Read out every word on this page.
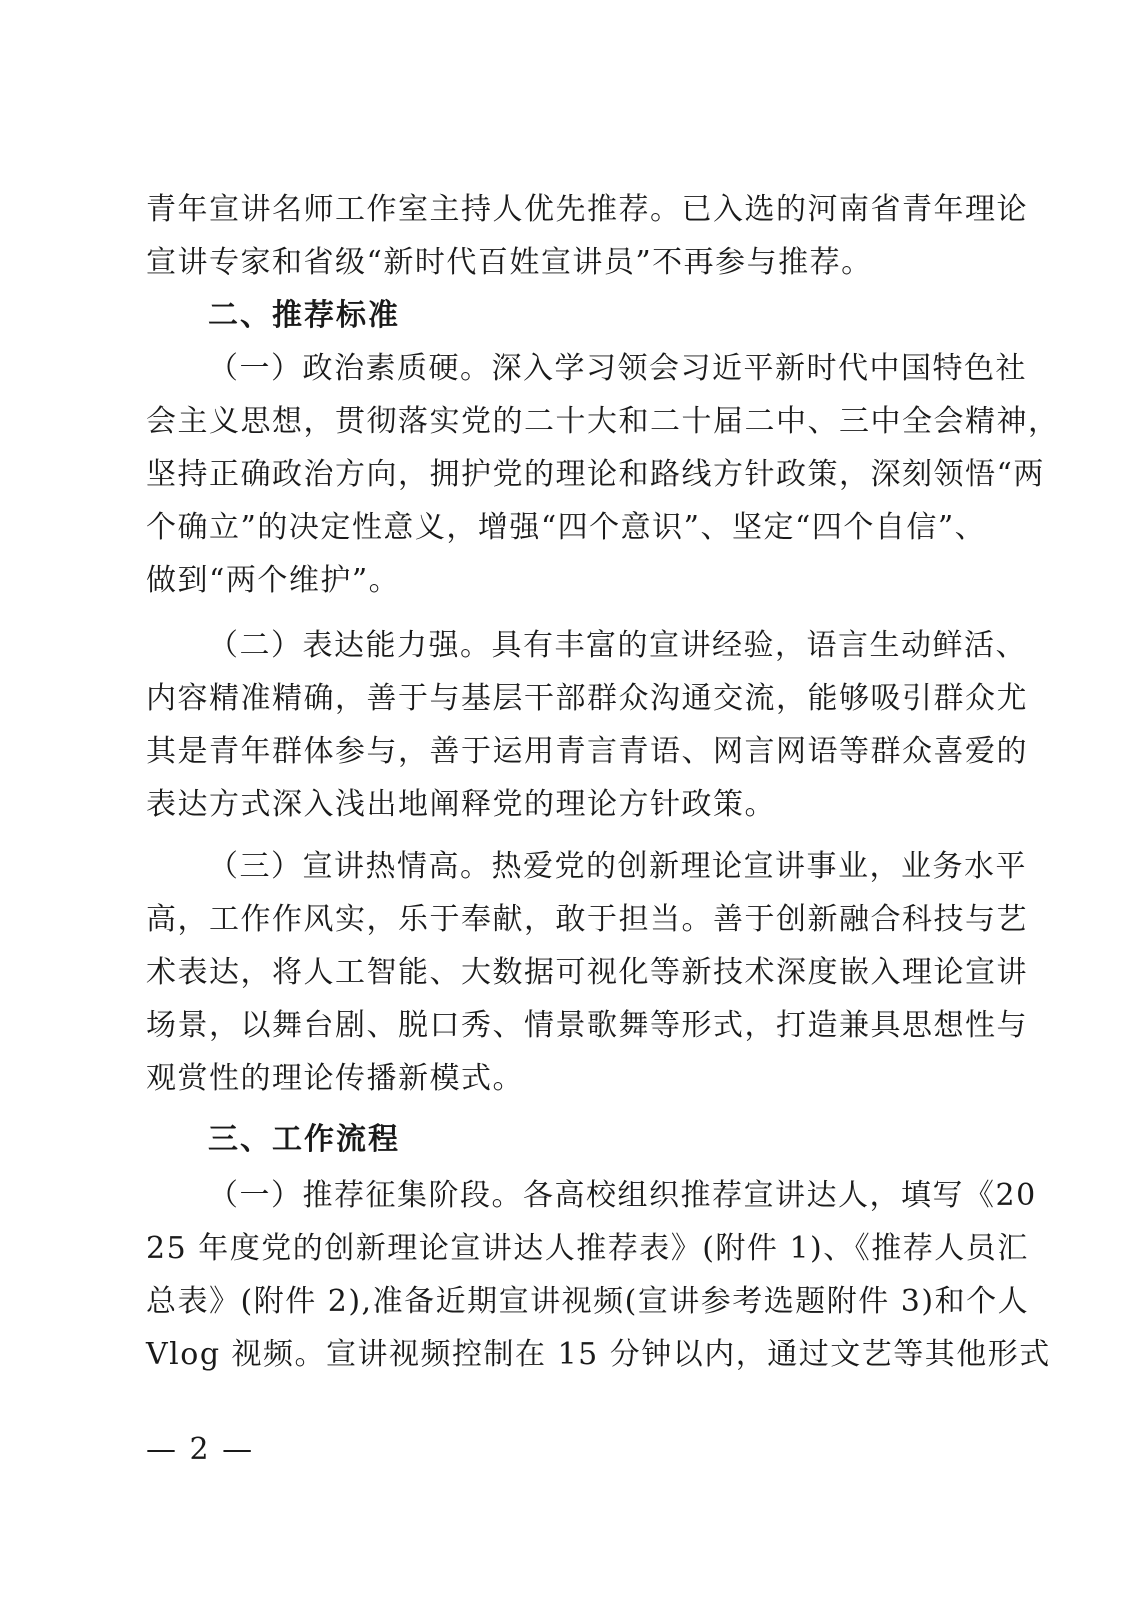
青年宣讲名师工作室主持人优先推荐。已入选的河南省青年理论
宣讲专家和省级“新时代百姓宣讲员”不再参与推荐。
二、推荐标准
（一）政治素质硬。深入学习领会习近平新时代中国特色社
会主义思想，贯彻落实党的二十大和二十届二中、三中全会精神，
坚持正确政治方向，拥护党的理论和路线方针政策，深刻领悟“两
个确立”的决定性意义，增强“四个意识”、坚定“四个自信”、
做到“两个维护”。
（二）表达能力强。具有丰富的宣讲经验，语言生动鲜活、
内容精准精确，善于与基层干部群众沟通交流，能够吸引群众尤
其是青年群体参与，善于运用青言青语、网言网语等群众喜爱的
表达方式深入浅出地阐释党的理论方针政策。
（三）宣讲热情高。热爱党的创新理论宣讲事业，业务水平
高，工作作风实，乐于奉献，敢于担当。善于创新融合科技与艺
术表达，将人工智能、大数据可视化等新技术深度嵌入理论宣讲
场景，以舞台剧、脱口秀、情景歌舞等形式，打造兼具思想性与
观赏性的理论传播新模式。
三、工作流程
（一）推荐征集阶段。各高校组织推荐宣讲达人，填写《20
25 年度党的创新理论宣讲达人推荐表》(附件 1)、《推荐人员汇
总表》(附件 2),准备近期宣讲视频(宣讲参考选题附件 3)和个人
Vlog 视频。宣讲视频控制在 15 分钟以内，通过文艺等其他形式
— 2 —
